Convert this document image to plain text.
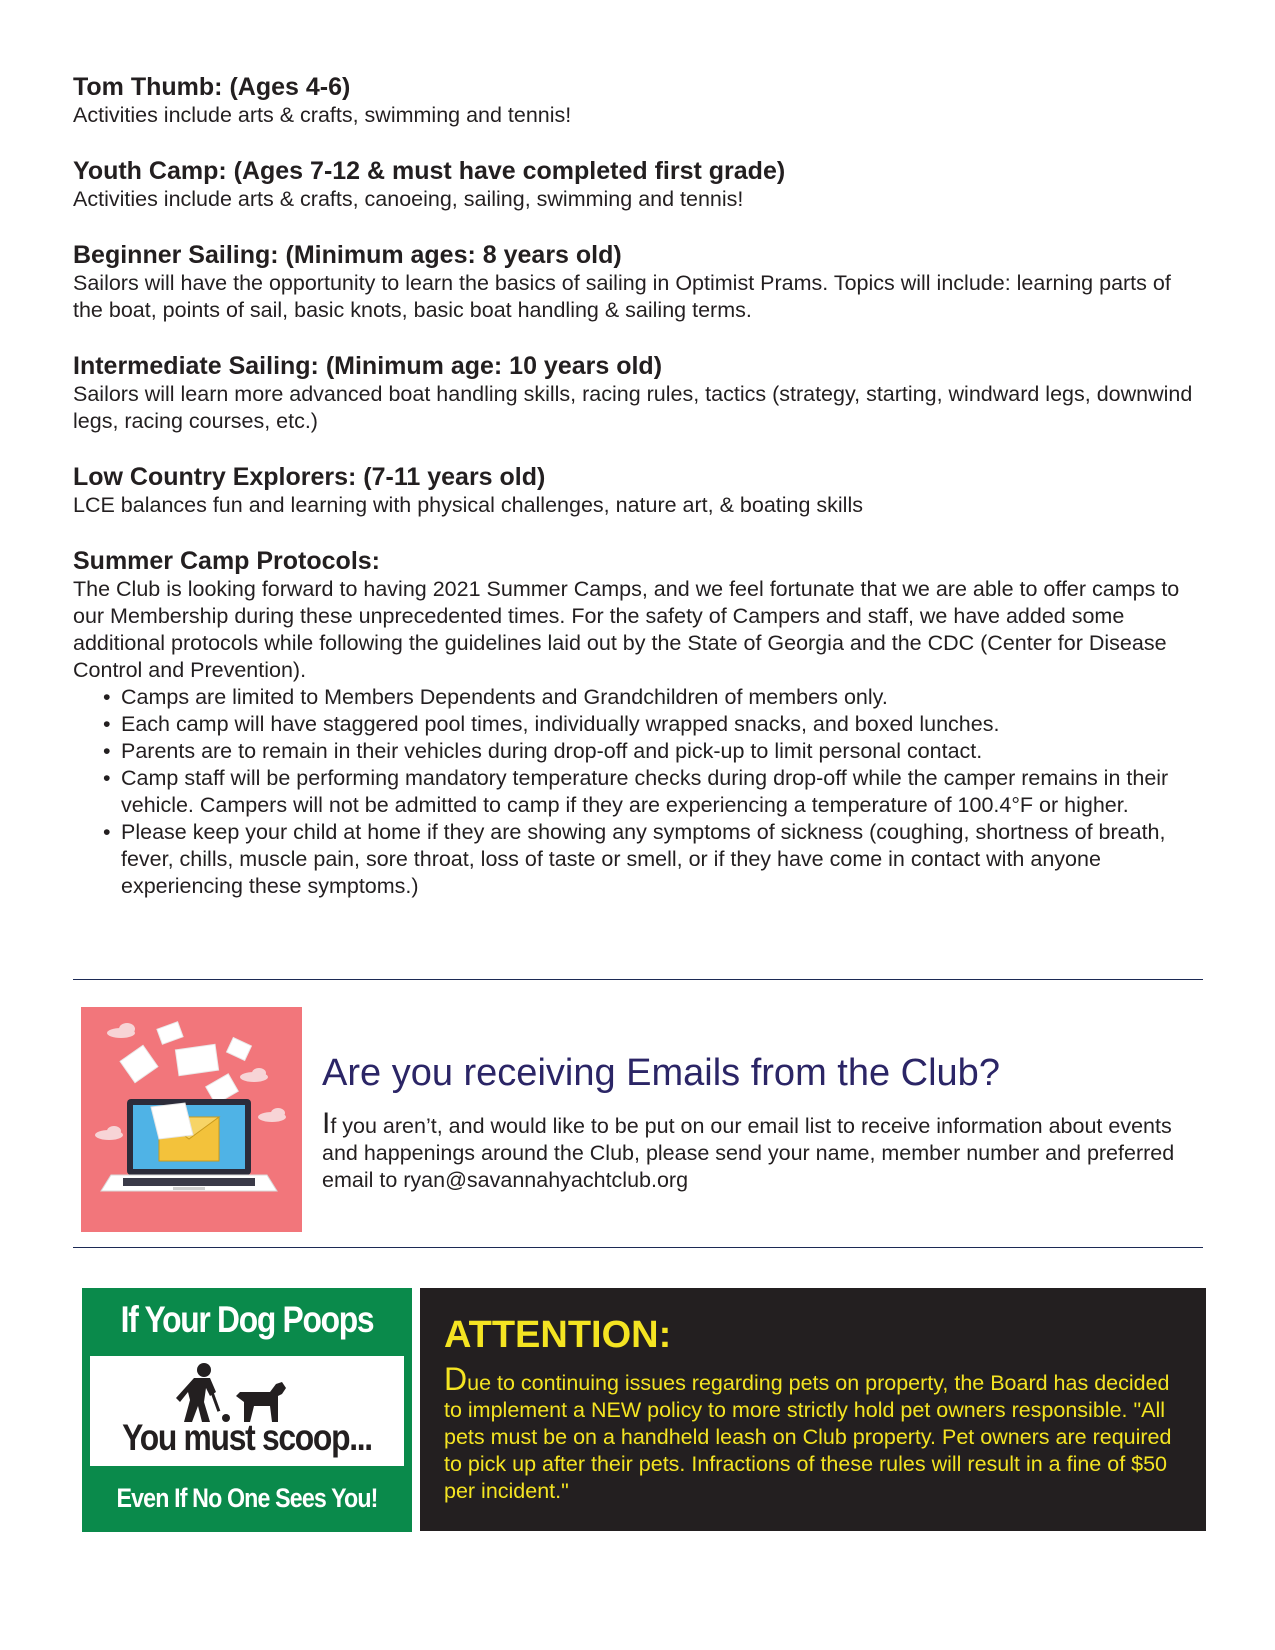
Tom Thumb: (Ages 4-6)

Activities include arts & crafts, swimming and tennis!

Youth Camp: (Ages 7-12 & must have completed first grade)

Activities include arts & crafts, canoeing, sailing, swimming and tennis!

Beginner Sailing: (Minimum ages: 8 years old)

Sailors will have the opportunity to learn the basics of sailing in Optimist Prams. Topics will include: learning parts of the boat, points of sail, basic knots, basic boat handling & sailing terms.

Intermediate Sailing: (Minimum age: 10 years old)

Sailors will learn more advanced boat handling skills, racing rules, tactics (strategy, starting, windward legs, downwind legs, racing courses, etc.)

Low Country Explorers: (7-11 years old)

LCE balances fun and learning with physical challenges, nature art, & boating skills

Summer Camp Protocols:

The Club is looking forward to having 2021 Summer Camps, and we feel fortunate that we are able to offer camps to our Membership during these unprecedented times. For the safety of Campers and staff, we have added some additional protocols while following the guidelines laid out by the State of Georgia and the CDC (Center for Disease Control and Prevention).

• Camps are limited to Members Dependents and Grandchildren of members only.
• Each camp will have staggered pool times, individually wrapped snacks, and boxed lunches.
• Parents are to remain in their vehicles during drop-off and pick-up to limit personal contact.
• Camp staff will be performing mandatory temperature checks during drop-off while the camper remains in their vehicle. Campers will not be admitted to camp if they are experiencing a temperature of 100.4°F or higher.
• Please keep your child at home if they are showing any symptoms of sickness (coughing, shortness of breath, fever, chills, muscle pain, sore throat, loss of taste or smell, or if they have come in contact with anyone experiencing these symptoms.)

Are you receiving Emails from the Club?

If you aren’t, and would like to be put on our email list to receive information about events and happenings around the Club, please send your name, member number and preferred email to ryan@savannahyachtclub.org

If Your Dog Poops
You must scoop...
Even If No One Sees You!

ATTENTION:

Due to continuing issues regarding pets on property, the Board has decided to implement a NEW policy to more strictly hold pet owners responsible. "All pets must be on a handheld leash on Club property. Pet owners are required to pick up after their pets. Infractions of these rules will result in a fine of $50 per incident."
